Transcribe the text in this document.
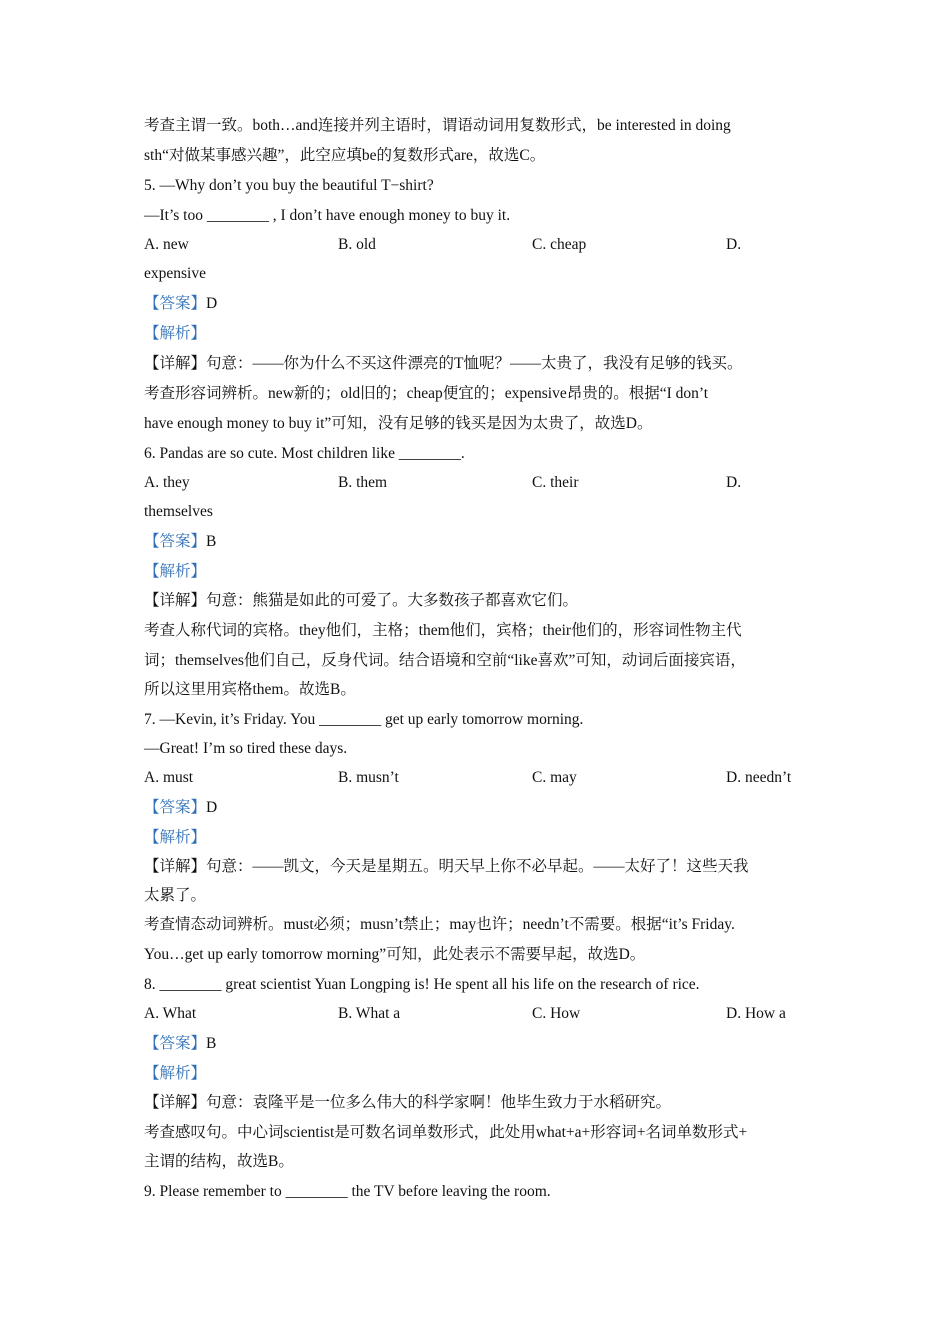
考查主谓一致。both…and连接并列主语时，谓语动词用复数形式，be interested in doing
sth“对做某事感兴趣”，此空应填be的复数形式are，故选C。
5. —Why don’t you buy the beautiful T−shirt?
—It’s too ________ , I don’t have enough money to buy it.
A. new	B. old	C. cheap	D.
expensive
【答案】D
【解析】
【详解】句意：——你为什么不买这件漂亮的T恤呢？——太贵了，我没有足够的钱买。
考查形容词辨析。new新的；old旧的；cheap便宜的；expensive昂贵的。根据“I don’t
have enough money to buy it”可知，没有足够的钱买是因为太贵了，故选D。
6. Pandas are so cute. Most children like ________.
A. they	B. them	C. their	D.
themselves
【答案】B
【解析】
【详解】句意：熊猫是如此的可爱了。大多数孩子都喜欢它们。
考查人称代词的宾格。they他们，主格；them他们，宾格；their他们的，形容词性物主代
词；themselves他们自己，反身代词。结合语境和空前“like喜欢”可知，动词后面接宾语，
所以这里用宾格them。故选B。
7. —Kevin, it’s Friday. You ________ get up early tomorrow morning.
—Great! I’m so tired these days.
A. must	B. musn’t	C. may	D. needn’t
【答案】D
【解析】
【详解】句意：——凯文，今天是星期五。明天早上你不必早起。——太好了！这些天我
太累了。
考查情态动词辨析。must必须；musn’t禁止；may也许；needn’t不需要。根据“it’s Friday.
You…get up early tomorrow morning”可知，此处表示不需要早起，故选D。
8. ________ great scientist Yuan Longping is! He spent all his life on the research of rice.
A. What	B. What a	C. How	D. How a
【答案】B
【解析】
【详解】句意：袁隆平是一位多么伟大的科学家啊！他毕生致力于水稻研究。
考查感叹句。中心词scientist是可数名词单数形式，此处用what+a+形容词+名词单数形式+
主谓的结构，故选B。
9. Please remember to ________ the TV before leaving the room.
